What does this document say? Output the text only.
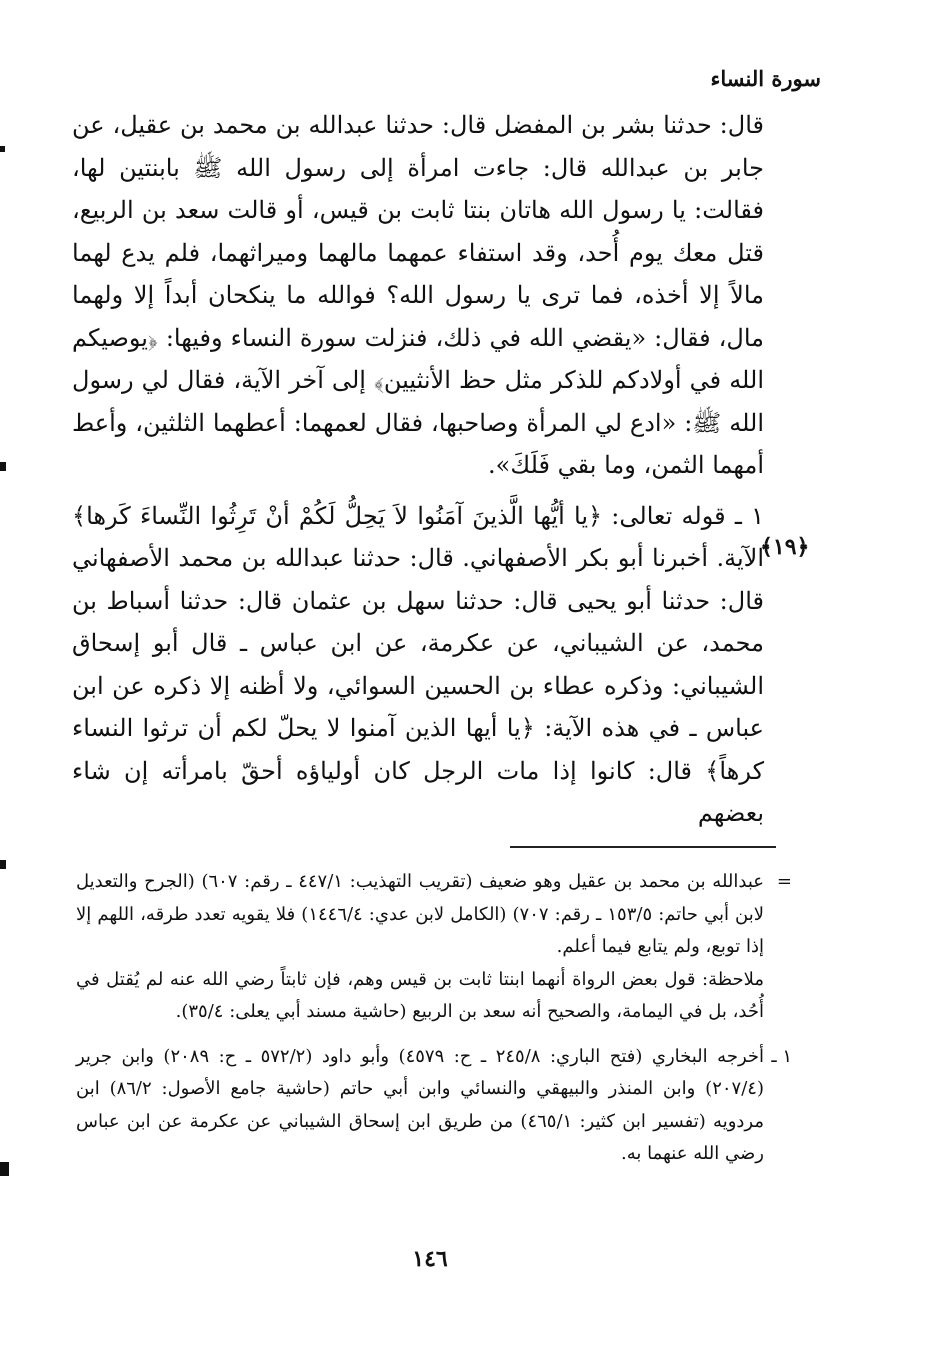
سورة النساء

قال: حدثنا بشر بن المفضل قال: حدثنا عبدالله بن محمد بن عقيل، عن جابر بن عبدالله قال: جاءت امرأة إلى رسول الله ﷺ بابنتين لها، فقالت: يا رسول الله هاتان بنتا ثابت بن قيس، أو قالت سعد بن الربيع، قتل معك يوم أُحد، وقد استفاء عمهما مالهما وميراثهما، فلم يدع لهما مالاً إلا أخذه، فما ترى يا رسول الله؟ فوالله ما ينكحان أبداً إلا ولهما مال، فقال: «يقضي الله في ذلك، فنزلت سورة النساء وفيها: ﴿يوصيكم الله في أولادكم للذكر مثل حظ الأنثيين﴾ إلى آخر الآية، فقال لي رسول الله ﷺ: «ادع لي المرأة وصاحبها، فقال لعمهما: أعطهما الثلثين، وأعط أمهما الثمن، وما بقي فَلَكَ».

١ ـ قوله تعالى: ﴿يا أيُّها الَّذينَ آمَنُوا لاَ يَحِلُّ لَكُمْ أنْ تَرِثُوا النِّساءَ كَرها﴾ الآية. أخبرنا أبو بكر الأصفهاني. قال: حدثنا عبدالله بن محمد الأصفهاني قال: حدثنا أبو يحيى قال: حدثنا سهل بن عثمان قال: حدثنا أسباط بن محمد، عن الشيباني، عن عكرمة، عن ابن عباس ـ قال أبو إسحاق الشيباني: وذكره عطاء بن الحسين السوائي، ولا أظنه إلا ذكره عن ابن عباس ـ في هذه الآية: ﴿يا أيها الذين آمنوا لا يحلّ لكم أن ترثوا النساء كرهاً﴾ قال: كانوا إذا مات الرجل كان أولياؤه أحقّ بامرأته إن شاء بعضهم

﴿١٩﴾

=
عبدالله بن محمد بن عقيل وهو ضعيف (تقريب التهذيب: ٤٤٧/١ ـ رقم: ٦٠٧) (الجرح والتعديل لابن أبي حاتم: ١٥٣/٥ ـ رقم: ٧٠٧) (الكامل لابن عدي: ١٤٤٦/٤) فلا يقويه تعدد طرقه، اللهم إلا إذا توبع، ولم يتابع فيما أعلم.

ملاحظة: قول بعض الرواة أنهما ابنتا ثابت بن قيس وهم، فإن ثابتاً رضي الله عنه لم يُقتل في أُحُد، بل في اليمامة، والصحيح أنه سعد بن الربيع (حاشية مسند أبي يعلى: ٣٥/٤).

١ ـ
أخرجه البخاري (فتح الباري: ٢٤٥/٨ ـ ح: ٤٥٧٩) وأبو داود (٥٧٢/٢ ـ ح: ٢٠٨٩) وابن جرير (٢٠٧/٤) وابن المنذر والبيهقي والنسائي وابن أبي حاتم (حاشية جامع الأصول: ٨٦/٢) ابن مردويه (تفسير ابن كثير: ٤٦٥/١) من طريق ابن إسحاق الشيباني عن عكرمة عن ابن عباس رضي الله عنهما به.

١٤٦
